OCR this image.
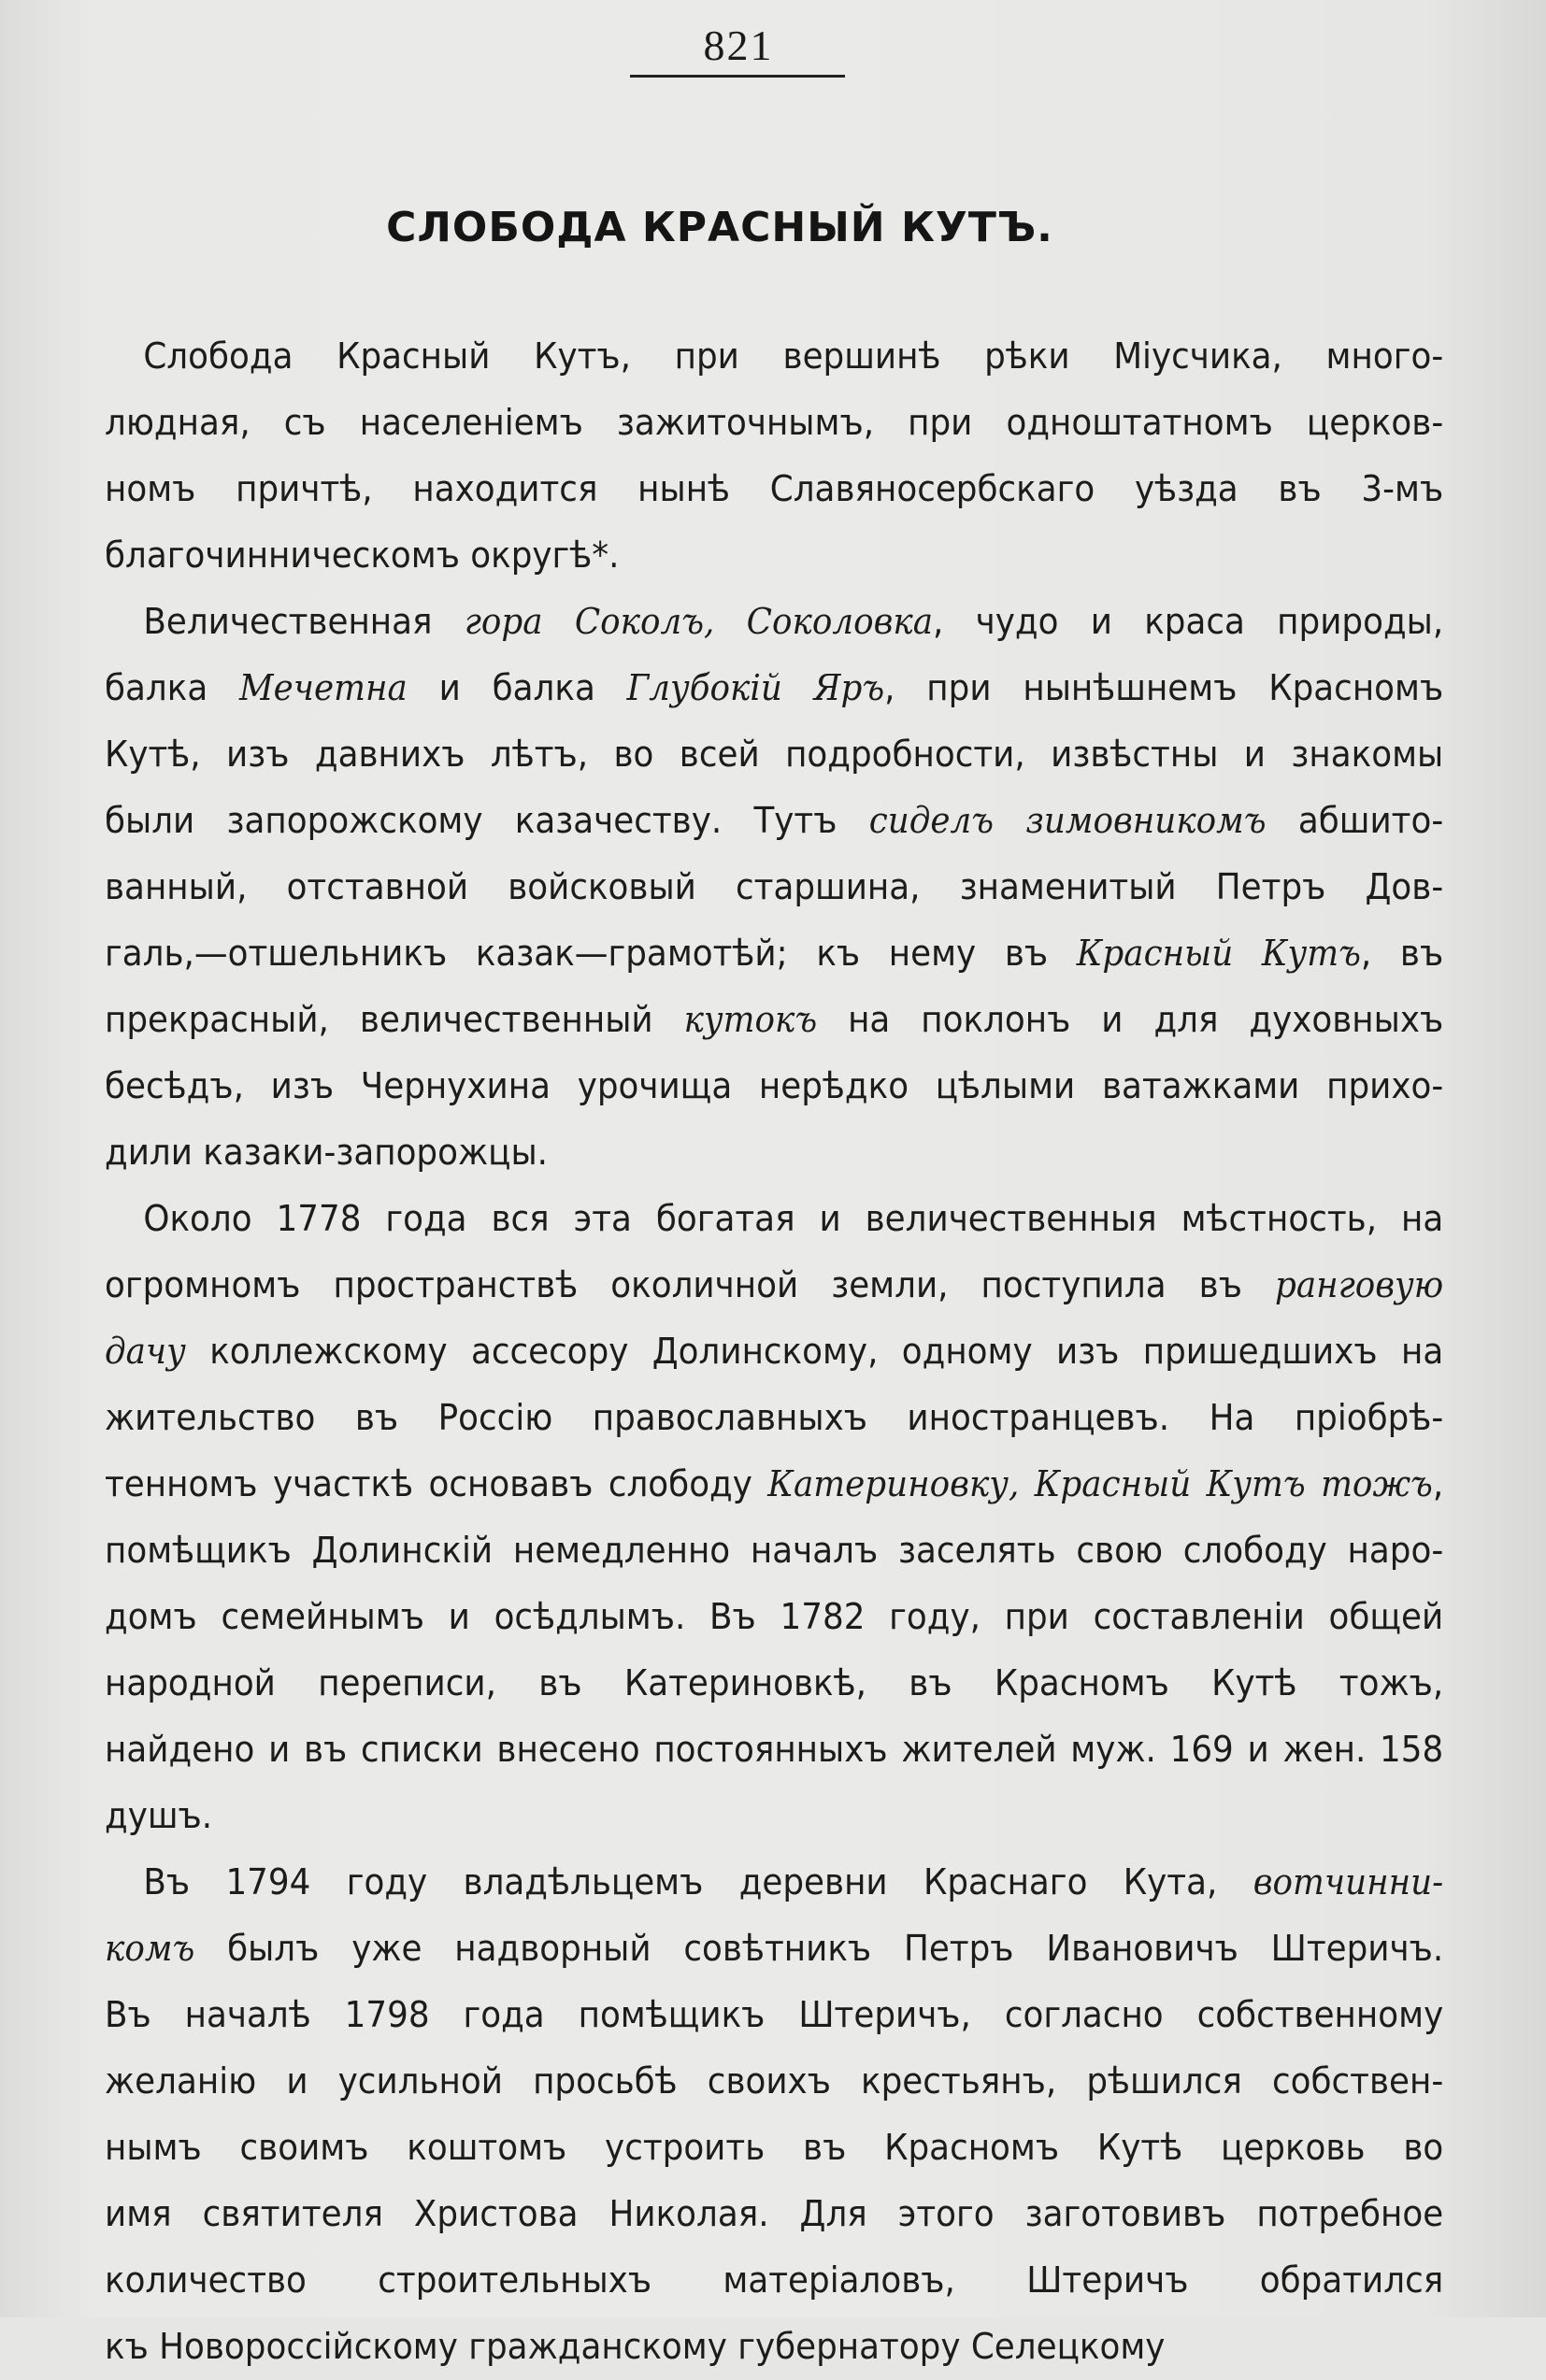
821
СЛОБОДА КРАСНЫЙ КУТЪ.
Слобода Красный Кутъ, при вершинѣ рѣки Міусчика, много-
людная, съ населеніемъ зажиточнымъ, при одноштатномъ церков-
номъ причтѣ, находится нынѣ Славяносербскаго уѣзда въ 3-мъ
благочинническомъ округѣ*.
Величественная гора Соколъ, Соколовка, чудо и краса природы,
балка Мечетна и балка Глубокій Яръ, при нынѣшнемъ Красномъ
Кутѣ, изъ давнихъ лѣтъ, во всей подробности, извѣстны и знакомы
были запорожскому казачеству. Тутъ сиделъ зимовникомъ абшито-
ванный, отставной войсковый старшина, знаменитый Петръ Дов-
галь,—отшельникъ казак—грамотѣй; къ нему въ Красный Кутъ, въ
прекрасный, величественный кутокъ на поклонъ и для духовныхъ
бесѣдъ, изъ Чернухина урочища нерѣдко цѣлыми ватажками прихо-
дили казаки-запорожцы.
Около 1778 года вся эта богатая и величественныя мѣстность, на
огромномъ пространствѣ околичной земли, поступила въ ранговую
дачу коллежскому ассесору Долинскому, одному изъ пришедшихъ на
жительство въ Россію православныхъ иностранцевъ. На пріобрѣ-
тенномъ участкѣ основавъ слободу Катериновку, Красный Кутъ тожъ,
помѣщикъ Долинскій немедленно началъ заселять свою слободу наро-
домъ семейнымъ и осѣдлымъ. Въ 1782 году, при составленіи общей
народной переписи, въ Катериновкѣ, въ Красномъ Кутѣ тожъ,
найдено и въ списки внесено постоянныхъ жителей муж. 169 и жен. 158
душъ.
Въ 1794 году владѣльцемъ деревни Краснаго Кута, вотчинни-
комъ былъ уже надворный совѣтникъ Петръ Ивановичъ Штеричъ.
Въ началѣ 1798 года помѣщикъ Штеричъ, согласно собственному
желанію и усильной просьбѣ своихъ крестьянъ, рѣшился собствен-
нымъ своимъ коштомъ устроить въ Красномъ Кутѣ церковь во
имя святителя Христова Николая. Для этого заготовивъ потребное
количество строительныхъ матеріаловъ, Штеричъ обратился
къ Новороссійскому гражданскому губернатору Селецкому
